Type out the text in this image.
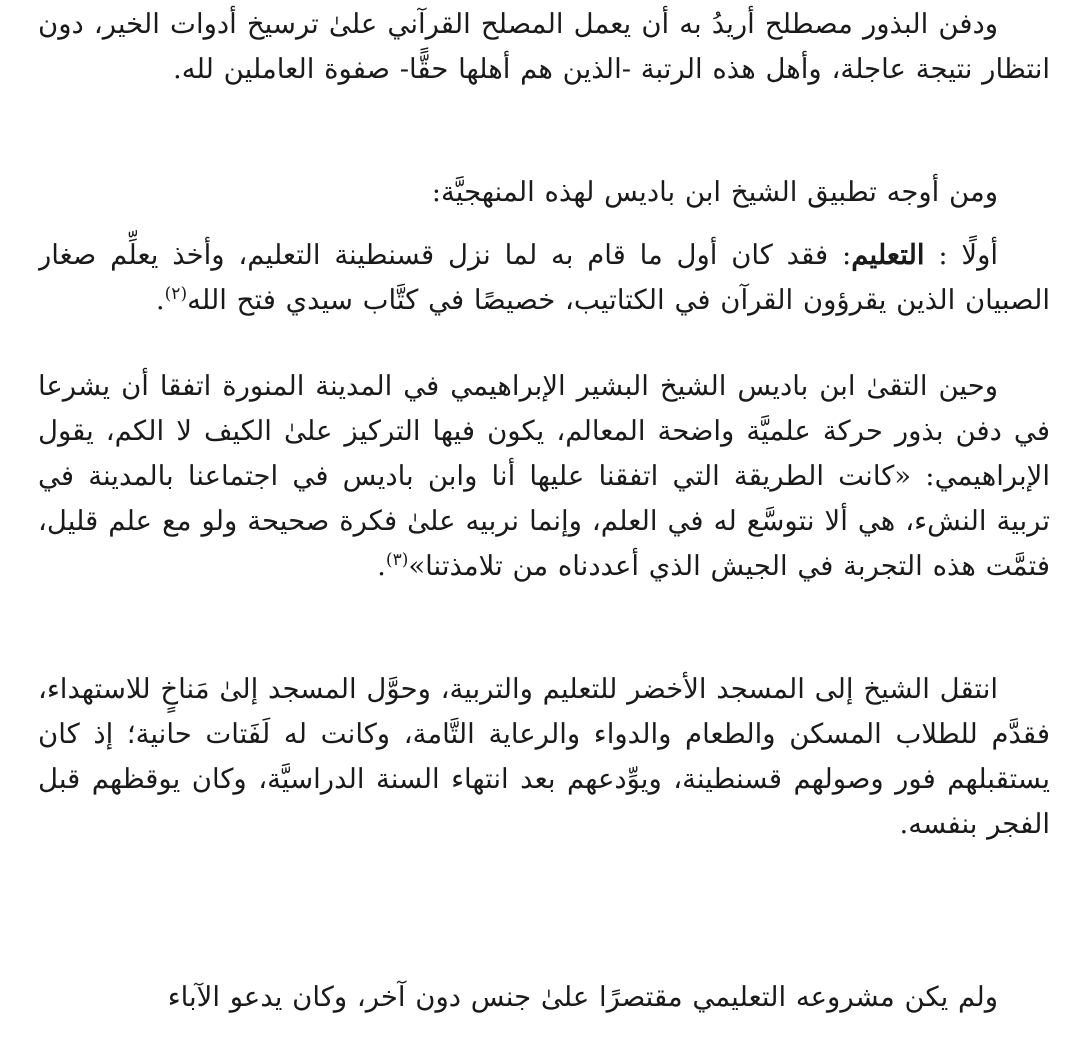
ودفن البذور مصطلح أريدُ به أن يعمل المصلح القرآني علىٰ ترسيخ أدوات الخير، دون انتظار نتيجة عاجلة، وأهل هذه الرتبة -الذين هم أهلها حقًّا- صفوة العاملين لله.

ومن أوجه تطبيق الشيخ ابن باديس لهذه المنهجيَّة:

أولًا : التعليم: فقد كان أول ما قام به لما نزل قسنطينة التعليم، وأخذ يعلِّم صغار الصبيان الذين يقرؤون القرآن في الكتاتيب، خصيصًا في كتَّاب سيدي فتح الله$^{(٢)}$.

وحين التقىٰ ابن باديس الشيخ البشير الإبراهيمي في المدينة المنورة اتفقا أن يشرعا في دفن بذور حركة علميَّة واضحة المعالم، يكون فيها التركيز علىٰ الكيف لا الكم، يقول الإبراهيمي: «كانت الطريقة التي اتفقنا عليها أنا وابن باديس في اجتماعنا بالمدينة في تربية النشء، هي ألا نتوسَّع له في العلم، وإنما نربيه علىٰ فكرة صحيحة ولو مع علم قليل، فتمَّت هذه التجربة في الجيش الذي أعددناه من تلامذتنا»$^{(٣)}$.

انتقل الشيخ إلى المسجد الأخضر للتعليم والتربية، وحوَّل المسجد إلىٰ مَناخٍ للاستهداء، فقدَّم للطلاب المسكن والطعام والدواء والرعاية التَّامة، وكانت له لَفَتات حانية؛ إذ كان يستقبلهم فور وصولهم قسنطينة، ويوِّدعهم بعد انتهاء السنة الدراسيَّة، وكان يوقظهم قبل الفجر بنفسه.

ولم يكن مشروعه التعليمي مقتصرًا علىٰ جنس دون آخر، وكان يدعو الآباء
